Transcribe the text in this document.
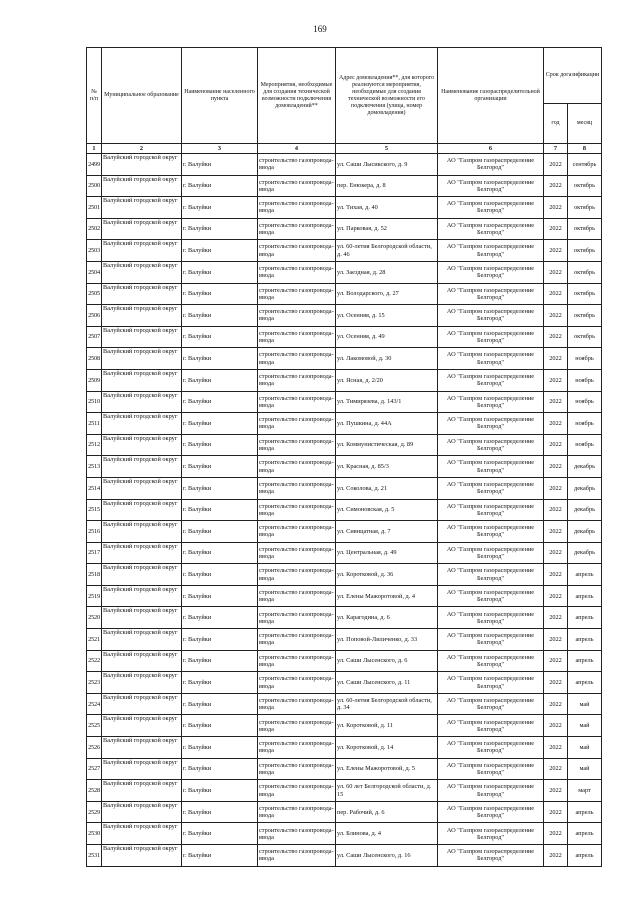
169
№
п/п	Муниципальное образование	Наименование населенного пункта	Мероприятия, необходимые для создания технической возможности подключения домовладений**	Адрес домовладения**, для которого реализуются мероприятия, необходимые для создания технической возможности его подключения (улица, номер домовладения)	Наименование газораспределительной организации	Срок догазификации	
						год	месяц
1	2	3	4	5	6	7	8
2499	Валуйский городской округ	г. Валуйки	строительство газопровода-ввода	ул. Саши Лысикского, д. 9	АО "Газпром газораспределение Белгород"	2022	сентябрь
2500	Валуйский городской округ	г. Валуйки	строительство газопровода-ввода	пер. Енюкера, д. 8	АО "Газпром газораспределение Белгород"	2022	октябрь
2501	Валуйский городской округ	г. Валуйки	строительство газопровода-ввода	ул. Тихая, д. 40	АО "Газпром газораспределение Белгород"	2022	октябрь
2502	Валуйский городской округ	г. Валуйки	строительство газопровода-ввода	ул. Парковая, д. 52	АО "Газпром газораспределение Белгород"	2022	октябрь
2503	Валуйский городской округ	г. Валуйки	строительство газопровода-ввода	ул. 60-летия Белгородской области, д. 46	АО "Газпром газораспределение Белгород"	2022	октябрь
2504	Валуйский городской округ	г. Валуйки	строительство газопровода-ввода	ул. Заездная, д. 28	АО "Газпром газораспределение Белгород"	2022	октябрь
2505	Валуйский городской округ	г. Валуйки	строительство газопровода-ввода	ул. Володарского, д. 27	АО "Газпром газораспределение Белгород"	2022	октябрь
2506	Валуйский городской округ	г. Валуйки	строительство газопровода-ввода	ул. Осенняя, д. 15	АО "Газпром газораспределение Белгород"	2022	октябрь
2507	Валуйский городской округ	г. Валуйки	строительство газопровода-ввода	ул. Осенняя, д. 49	АО "Газпром газораспределение Белгород"	2022	октябрь
2508	Валуйский городской округ	г. Валуйки	строительство газопровода-ввода	ул. Лакомовой, д. 30	АО "Газпром газораспределение Белгород"	2022	ноябрь
2509	Валуйский городской округ	г. Валуйки	строительство газопровода-ввода	ул. Ясная, д. 2/20	АО "Газпром газораспределение Белгород"	2022	ноябрь
2510	Валуйский городской округ	г. Валуйки	строительство газопровода-ввода	ул. Тимирязева, д. 143/1	АО "Газпром газораспределение Белгород"	2022	ноябрь
2511	Валуйский городской округ	г. Валуйки	строительство газопровода-ввода	ул. Пушкина, д. 44А	АО "Газпром газораспределение Белгород"	2022	ноябрь
2512	Валуйский городской округ	г. Валуйки	строительство газопровода-ввода	ул. Коммунистическая, д. 89	АО "Газпром газораспределение Белгород"	2022	ноябрь
2513	Валуйский городской округ	г. Валуйки	строительство газопровода-ввода	ул. Красная, д. 85/3	АО "Газпром газораспределение Белгород"	2022	декабрь
2514	Валуйский городской округ	г. Валуйки	строительство газопровода-ввода	ул. Соколова, д. 21	АО "Газпром газораспределение Белгород"	2022	декабрь
2515	Валуйский городской округ	г. Валуйки	строительство газопровода-ввода	ул. Симоновская, д. 5	АО "Газпром газораспределение Белгород"	2022	декабрь
2516	Валуйский городской округ	г. Валуйки	строительство газопровода-ввода	ул. Сивнцатная, д. 7	АО "Газпром газораспределение Белгород"	2022	декабрь
2517	Валуйский городской округ	г. Валуйки	строительство газопровода-ввода	ул. Центральная, д. 49	АО "Газпром газораспределение Белгород"	2022	декабрь
2518	Валуйский городской округ	г. Валуйки	строительство газопровода-ввода	ул. Коротковой, д. 36	АО "Газпром газораспределение Белгород"	2022	апрель
2519	Валуйский городской округ	г. Валуйки	строительство газопровода-ввода	ул. Елены Мажоротовой, д. 4	АО "Газпром газораспределение Белгород"	2022	апрель
2520	Валуйский городской округ	г. Валуйки	строительство газопровода-ввода	ул. Карагодина, д. 6	АО "Газпром газораспределение Белгород"	2022	апрель
2521	Валуйский городской округ	г. Валуйки	строительство газопровода-ввода	ул. Поповой-Лиличенко, д. 33	АО "Газпром газораспределение Белгород"	2022	апрель
2522	Валуйский городской округ	г. Валуйки	строительство газопровода-ввода	ул. Саши Лысенского, д. 6	АО "Газпром газораспределение Белгород"	2022	апрель
2523	Валуйский городской округ	г. Валуйки	строительство газопровода-ввода	ул. Саши Лысенского, д. 11	АО "Газпром газораспределение Белгород"	2022	апрель
2524	Валуйский городской округ	г. Валуйки	строительство газопровода-ввода	ул. 60-летия Белгородской области, д. 34	АО "Газпром газораспределение Белгород"	2022	май
2525	Валуйский городской округ	г. Валуйки	строительство газопровода-ввода	ул. Коротковой, д. 11	АО "Газпром газораспределение Белгород"	2022	май
2526	Валуйский городской округ	г. Валуйки	строительство газопровода-ввода	ул. Коротковой, д. 14	АО "Газпром газораспределение Белгород"	2022	май
2527	Валуйский городской округ	г. Валуйки	строительство газопровода-ввода	ул. Елены Мажоротовой, д. 5	АО "Газпром газораспределение Белгород"	2022	май
2528	Валуйский городской округ	г. Валуйки	строительство газопровода-ввода	ул. 60 лет Белгородской области, д. 15	АО "Газпром газораспределение Белгород"	2022	март
2529	Валуйский городской округ	г. Валуйки	строительство газопровода-ввода	пер. Рабочий, д. 6	АО "Газпром газораспределение Белгород"	2022	апрель
2530	Валуйский городской округ	г. Валуйки	строительство газопровода-ввода	ул. Блинова, д. 4	АО "Газпром газораспределение Белгород"	2022	апрель
2531	Валуйский городской округ	г. Валуйки	строительство газопровода-ввода	ул. Саши Лысенского, д. 16	АО "Газпром газораспределение Белгород"	2022	апрель
